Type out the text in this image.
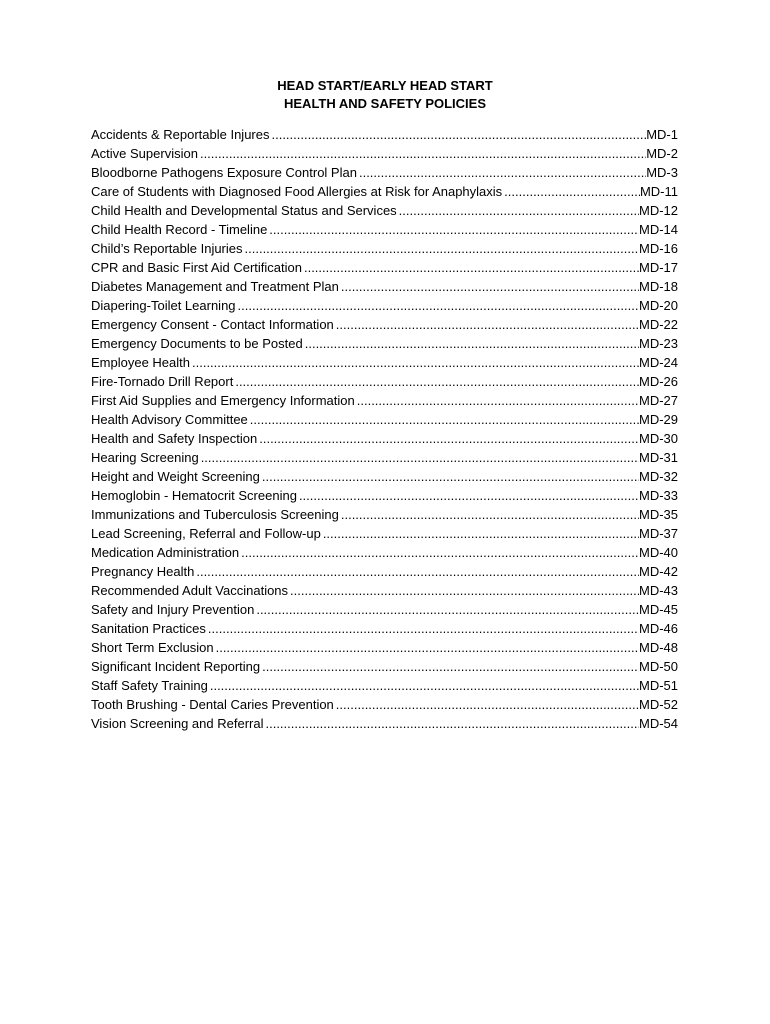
HEAD START/EARLY HEAD START
HEALTH AND SAFETY POLICIES
Accidents & Reportable Injures .....	MD-1
Active Supervision .....	MD-2
Bloodborne Pathogens Exposure Control Plan .....	MD-3
Care of Students with Diagnosed Food Allergies at Risk for Anaphylaxis .....	MD-11
Child Health and Developmental Status and Services .....	MD-12
Child Health Record - Timeline .....	MD-14
Child’s Reportable Injuries .....	MD-16
CPR and Basic First Aid Certification .....	MD-17
Diabetes Management and Treatment Plan .....	MD-18
Diapering-Toilet Learning .....	MD-20
Emergency Consent - Contact Information .....	MD-22
Emergency Documents to be Posted .....	MD-23
Employee Health .....	MD-24
Fire-Tornado Drill Report .....	MD-26
First Aid Supplies and Emergency Information .....	MD-27
Health Advisory Committee .....	MD-29
Health and Safety Inspection .....	MD-30
Hearing Screening .....	MD-31
Height and Weight Screening .....	MD-32
Hemoglobin - Hematocrit Screening .....	MD-33
Immunizations and Tuberculosis Screening .....	MD-35
Lead Screening, Referral and Follow-up .....	MD-37
Medication Administration .....	MD-40
Pregnancy Health .....	MD-42
Recommended Adult Vaccinations .....	MD-43
Safety and Injury Prevention .....	MD-45
Sanitation Practices .....	MD-46
Short Term Exclusion .....	MD-48
Significant Incident Reporting .....	MD-50
Staff Safety Training .....	MD-51
Tooth Brushing - Dental Caries Prevention .....	MD-52
Vision Screening and Referral .....	MD-54
